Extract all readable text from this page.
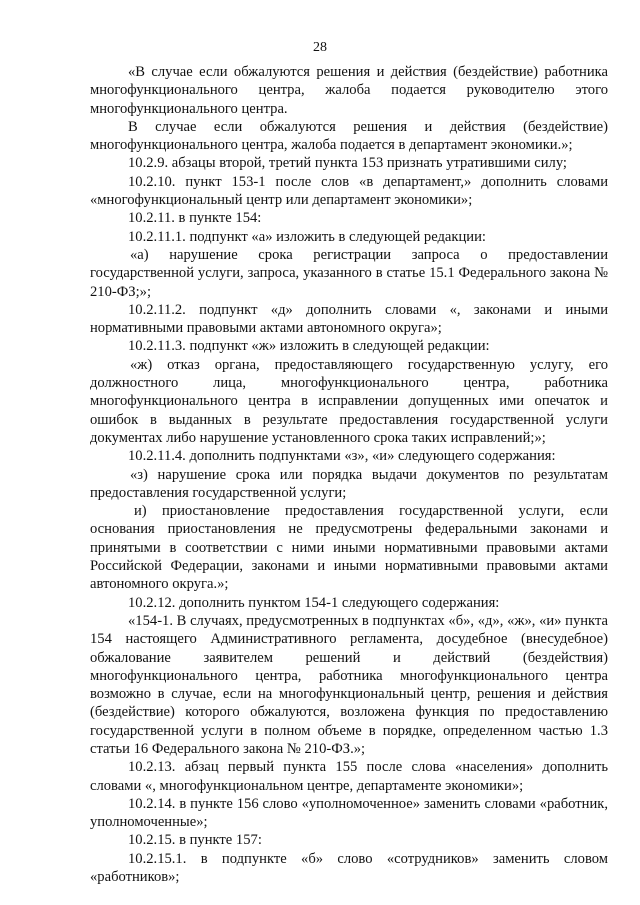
28

«В случае если обжалуются решения и действия (бездействие) работника многофункционального центра, жалоба подается руководителю этого многофункционального центра.

В случае если обжалуются решения и действия (бездействие) многофункционального центра, жалоба подается в департамент экономики.»;

10.2.9. абзацы второй, третий пункта 153 признать утратившими силу;

10.2.10. пункт 153-1 после слов «в департамент,» дополнить словами «многофункциональный центр или департамент экономики»;

10.2.11. в пункте 154:

10.2.11.1. подпункт «а» изложить в следующей редакции:

«а) нарушение срока регистрации запроса о предоставлении государственной услуги, запроса, указанного в статье 15.1 Федерального закона № 210-ФЗ;»;

10.2.11.2. подпункт «д» дополнить словами «, законами и иными нормативными правовыми актами автономного округа»;

10.2.11.3. подпункт «ж» изложить в следующей редакции:

«ж) отказ органа, предоставляющего государственную услугу, его должностного лица, многофункционального центра, работника многофункционального центра в исправлении допущенных ими опечаток и ошибок в выданных в результате предоставления государственной услуги документах либо нарушение установленного срока таких исправлений;»;

10.2.11.4. дополнить подпунктами «з», «и» следующего содержания:

«з) нарушение срока или порядка выдачи документов по результатам предоставления государственной услуги;

и) приостановление предоставления государственной услуги, если основания приостановления не предусмотрены федеральными законами и принятыми в соответствии с ними иными нормативными правовыми актами Российской Федерации, законами и иными нормативными правовыми актами автономного округа.»;

10.2.12. дополнить пунктом 154-1 следующего содержания:

«154-1. В случаях, предусмотренных в подпунктах «б», «д», «ж», «и» пункта 154 настоящего Административного регламента, досудебное (внесудебное) обжалование заявителем решений и действий (бездействия) многофункционального центра, работника многофункционального центра возможно в случае, если на многофункциональный центр, решения и действия (бездействие) которого обжалуются, возложена функция по предоставлению государственной услуги в полном объеме в порядке, определенном частью 1.3 статьи 16 Федерального закона № 210-ФЗ.»;

10.2.13. абзац первый пункта 155 после слова «населения» дополнить словами «, многофункциональном центре, департаменте экономики»;

10.2.14. в пункте 156 слово «уполномоченное» заменить словами «работник, уполномоченные»;

10.2.15. в пункте 157:

10.2.15.1. в подпункте «б» слово «сотрудников» заменить словом «работников»;
